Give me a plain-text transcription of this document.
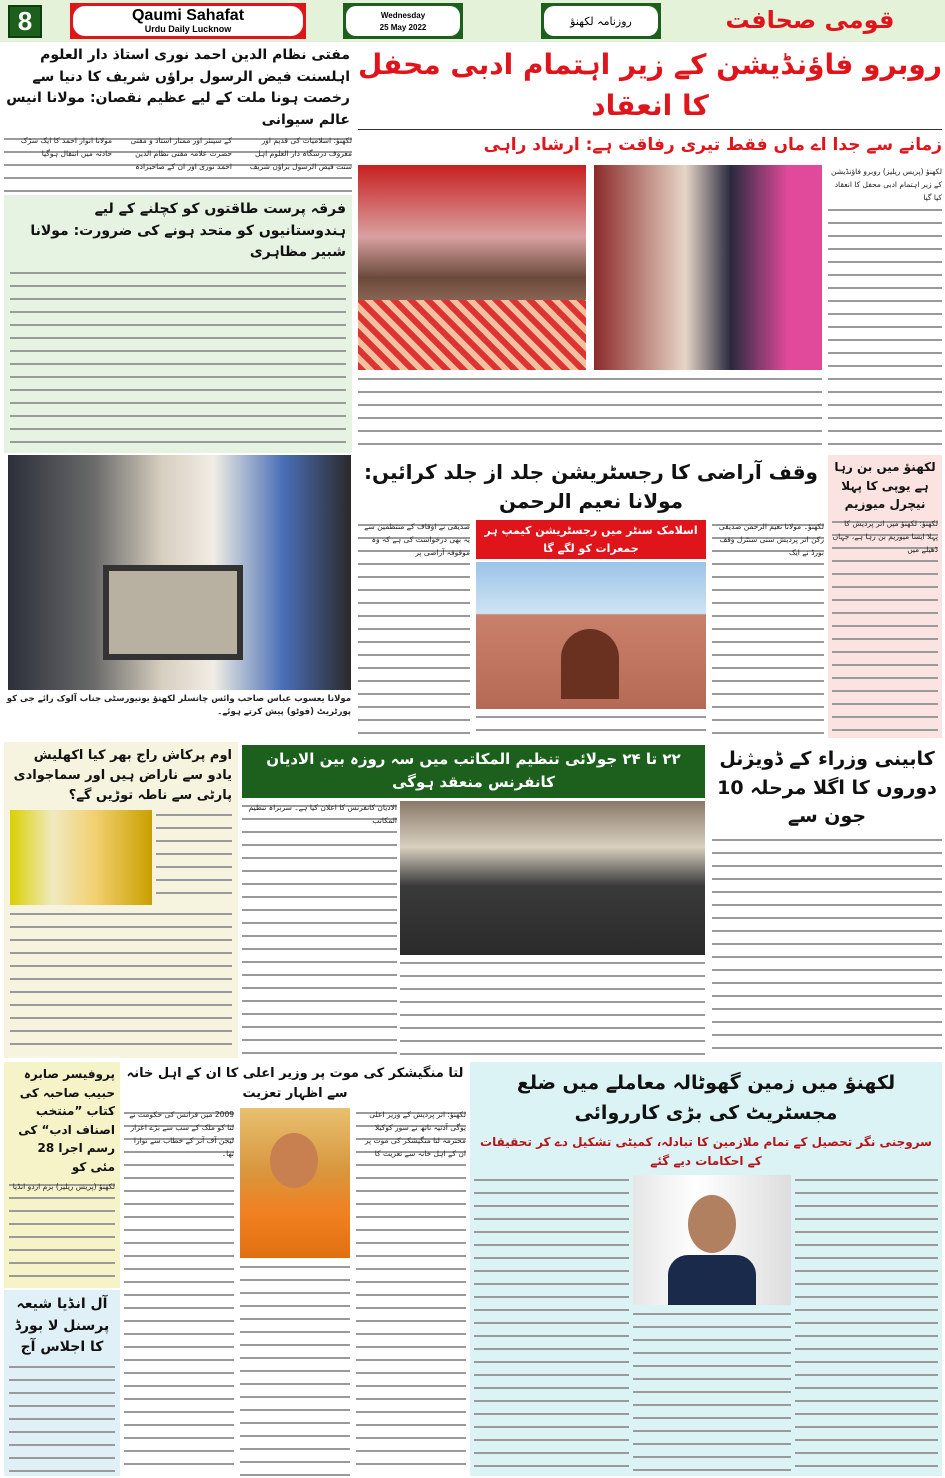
8	Qaumi Sahafat
Urdu Daily Lucknow
Wednesday
25 May 2022	روزنامہ لکھنؤ	قومی صحافت
مفتی نظام الدین احمد نوری استاذ دار العلوم اہلسنت فیض الرسول براؤں شریف کا دنیا سے رخصت ہونا ملت کے لیے عظیم نقصان: مولانا انیس عالم سیوانی
لکھنؤ: اسلامیات کی قدیم اور معروف درسگاہ دار العلوم اہل سنت فیض الرسول براؤں شریف کے سینئر اور ممتاز استاذ و مفتی حضرت علامہ مفتی نظام الدین احمد نوری اور ان کے صاحبزادہ مولانا انوار احمد کا ایک سڑک حادثہ میں انتقال ہوگیا
فرقہ پرست طاقتوں کو کچلنے کے لیے ہندوستانیوں کو متحد ہونے کی ضرورت: مولانا شبیر مظاہری
روبرو فاؤنڈیشن کے زیر اہتمام ادبی محفل کا انعقاد
زمانے سے جدا اے ماں فقط تیری رفاقت ہے: ارشاد راہی
لکھنؤ (پریس ریلیز) روبرو فاؤنڈیشن کے زیر اہتمام ادبی محفل کا انعقاد کیا گیا
مولانا یعسوب عباس صاحب وائس چانسلر لکھنؤ یونیورسٹی جناب آلوک رائے جی کو پورٹریٹ (فوٹو) پیش کرتے ہوئے۔
وقف آراضی کا رجسٹریشن جلد از جلد کرائیں: مولانا نعیم الرحمن
لکھنؤ۔ مولانا نعیم الرحمن صدیقی رکن اتر پردیش سنی سنٹرل وقف بورڈ نے ایک
اسلامک سنٹر میں رجسٹریشن کیمپ ہر جمعرات کو لگے گا
صدیقی نے اوقاف کے منتظمین سے یہ بھی درخواست کی ہے کہ وہ موقوفہ آراضی پر
لکھنؤ میں بن رہا ہے یوپی کا پہلا نیچرل میوزیم
لکھنؤ: لکھنؤ میں اتر پردیش کا پہلا ایسا میوزیم بن رہا ہے، جہاں ڈھیلے میں
اوم پرکاش راج بھر کیا اکھلیش یادو سے ناراض ہیں اور سماجوادی پارٹی سے ناطہ توڑیں گے؟
۲۲ تا ۲۴ جولائی تنظیم المکاتب میں سہ روزہ بین الادیان کانفرنس منعقد ہوگی
الادیان کانفرنس کا اعلان کیا ہے۔ سربراہ تنظیم المکاتب
کابینی وزراء کے ڈویژنل دوروں کا اگلا مرحلہ 10 جون سے
پروفیسر صابرہ حبیب صاحبہ کی کتاب ”منتخب اصناف ادب“ کی رسم اجرا 28 مئی کو
لکھنؤ (پریس ریلیز) بزم اردو انڈیا
آل انڈیا شیعہ پرسنل لا بورڈ کا اجلاس آج
لتا منگیشکر کی موت پر وزیر اعلی کا ان کے اہل خانہ سے اظہار تعزیت
لکھنؤ: اتر پردیش کے وزیر اعلی یوگی آدتیہ ناتھ نے سور کوکیلا محترمہ لتا منگیشکر کی موت پر ان کے اہل خانہ سے تعزیت کا
2009 میں فرانس کی حکومت نے لتا کو ملک کے سب سے بڑے اعزاز لیجن آف آنر کے خطاب سے نوازا تھا۔
لکھنؤ میں زمین گھوٹالہ معاملے میں ضلع مجسٹریٹ کی بڑی کارروائی
سروجنی نگر تحصیل کے تمام ملازمین کا تبادلہ، کمیٹی تشکیل دے کر تحقیقات کے احکامات دیے گئے
